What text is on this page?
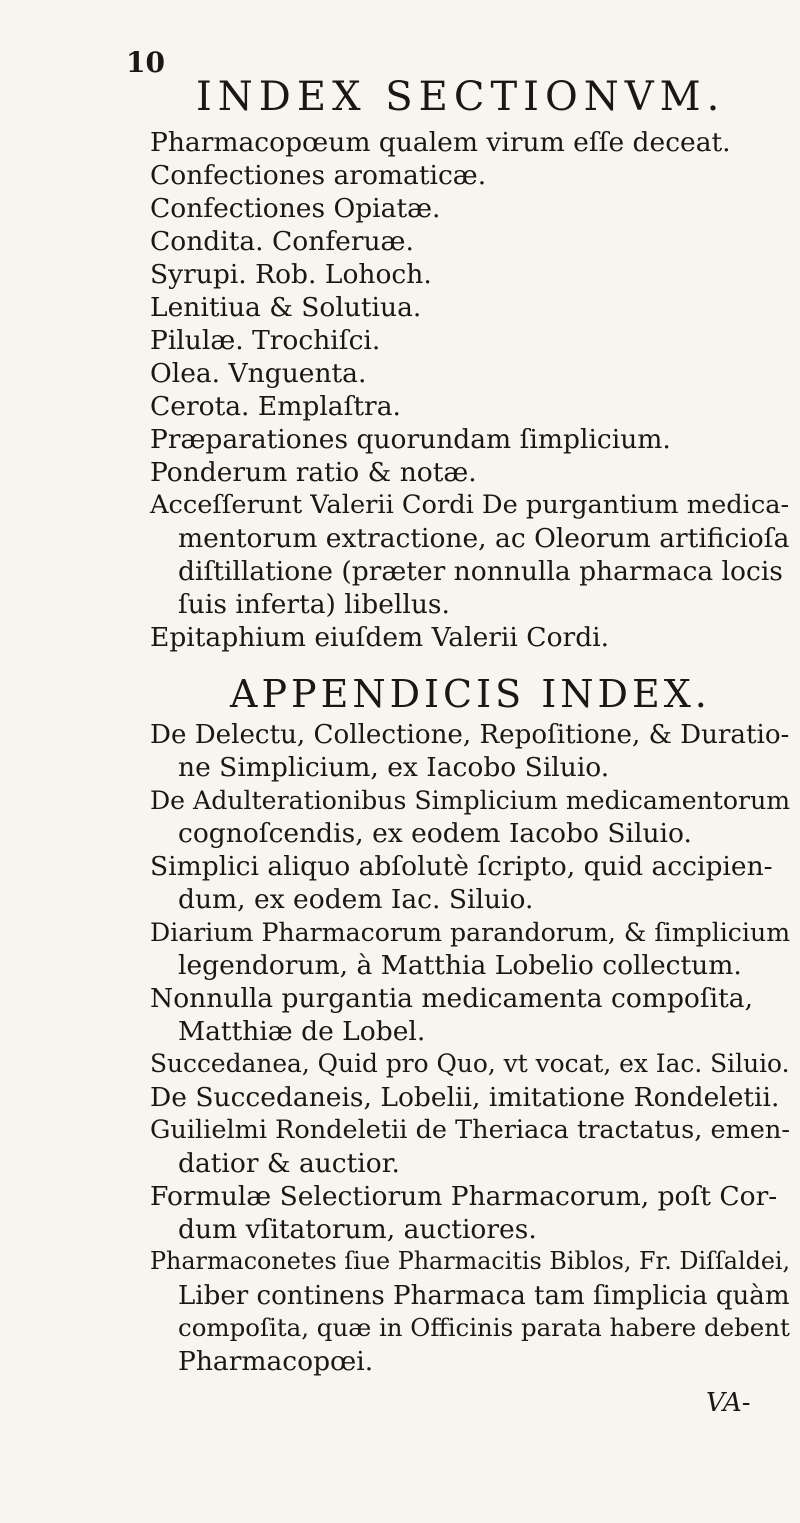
10
INDEX SECTIONVM.
Pharmacopœum qualem virum eſſe deceat.
Confectiones aromaticæ.
Confectiones Opiatæ.
Condita. Conferuæ.
Syrupi. Rob. Lohoch.
Lenitiua & Solutiua.
Pilulæ. Trochiſci.
Olea. Vnguenta.
Cerota. Emplaſtra.
Præparationes quorundam ſimplicium.
Ponderum ratio & notæ.
Acceſſerunt Valerii Cordi De purgantium medica-
mentorum extractione, ac Oleorum artificioſa
diſtillatione (præter nonnulla pharmaca locis
ſuis inferta) libellus.
Epitaphium eiuſdem Valerii Cordi.
APPENDICIS INDEX.
De Delectu, Collectione, Repoſitione, & Duratio-
ne Simplicium, ex Iacobo Siluio.
De Adulterationibus Simplicium medicamentorum
cognoſcendis, ex eodem Iacobo Siluio.
Simplici aliquo abſolutè ſcripto, quid accipien-
dum, ex eodem Iac. Siluio.
Diarium Pharmacorum parandorum, & ſimplicium
legendorum, à Matthia Lobelio collectum.
Nonnulla purgantia medicamenta compoſita,
Matthiæ de Lobel.
Succedanea, Quid pro Quo, vt vocat, ex Iac. Siluio.
De Succedaneis, Lobelii, imitatione Rondeletii.
Guilielmi Rondeletii de Theriaca tractatus, emen-
datior & auctior.
Formulæ Selectiorum Pharmacorum, poſt Cor-
dum vſitatorum, auctiores.
Pharmaconetes ſiue Pharmacitis Biblos, Fr. Diſſaldei,
Liber continens Pharmaca tam ſimplicia quàm
compoſita, quæ in Officinis parata habere debent
Pharmacopœi.
VA-
